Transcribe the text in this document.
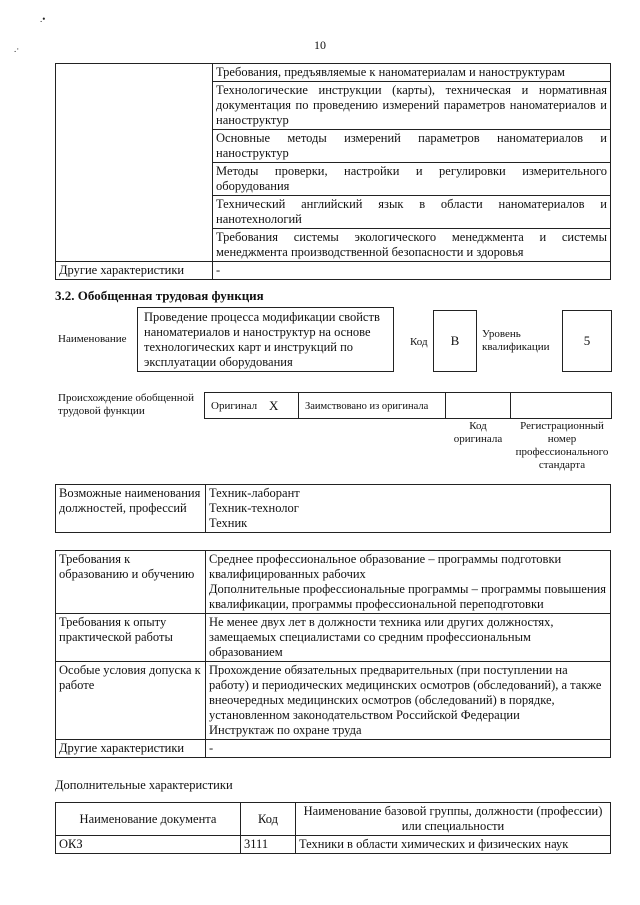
.•
.·	10
	Требования, предъявляемые к наноматериалам и наноструктурам
	Технологические инструкции (карты), техническая и нормативная документация по проведению измерений параметров наноматериалов и наноструктур
	Основные методы измерений параметров наноматериалов и наноструктур
	Методы проверки, настройки и регулировки измерительного оборудования
	Технический английский язык в области наноматериалов и нанотехнологий
	Требования системы экологического менеджмента и системы менеджмента производственной безопасности и здоровья
Другие характеристики	-
3.2. Обобщенная трудовая функция
Наименование
Проведение процесса модификации свойств наноматериалов и наноструктур на основе технологических карт и инструкций по эксплуатации оборудования
Код	B	Уровень квалификации	5
Происхождение обобщенной трудовой функции	Оригинал X	Заимствовано из оригинала
Код оригинала
Регистрационный номер профессионального стандарта
Возможные наименования должностей, профессий	
Техник-лаборант
Техник-технолог
Техник
Требования к образованию и обучению	Среднее профессиональное образование – программы подготовки квалифицированных рабочих
Дополнительные профессиональные программы – программы повышения квалификации, программы профессиональной переподготовки

Требования к опыту практической работы	Не менее двух лет в должности техника или других должностях, замещаемых специалистами со средним профессиональным образованием

Особые условия допуска к работе	Прохождение обязательных предварительных (при поступлении на работу) и периодических медицинских осмотров (обследований), а также внеочередных медицинских осмотров (обследований) в порядке, установленном законодательством Российской Федерации
Инструктаж по охране труда

Другие характеристики	-
Дополнительные характеристики
Наименование документа	Код	Наименование базовой группы, должности (профессии) или специальности
ОКЗ	3111	Техники в области химических и физических наук
